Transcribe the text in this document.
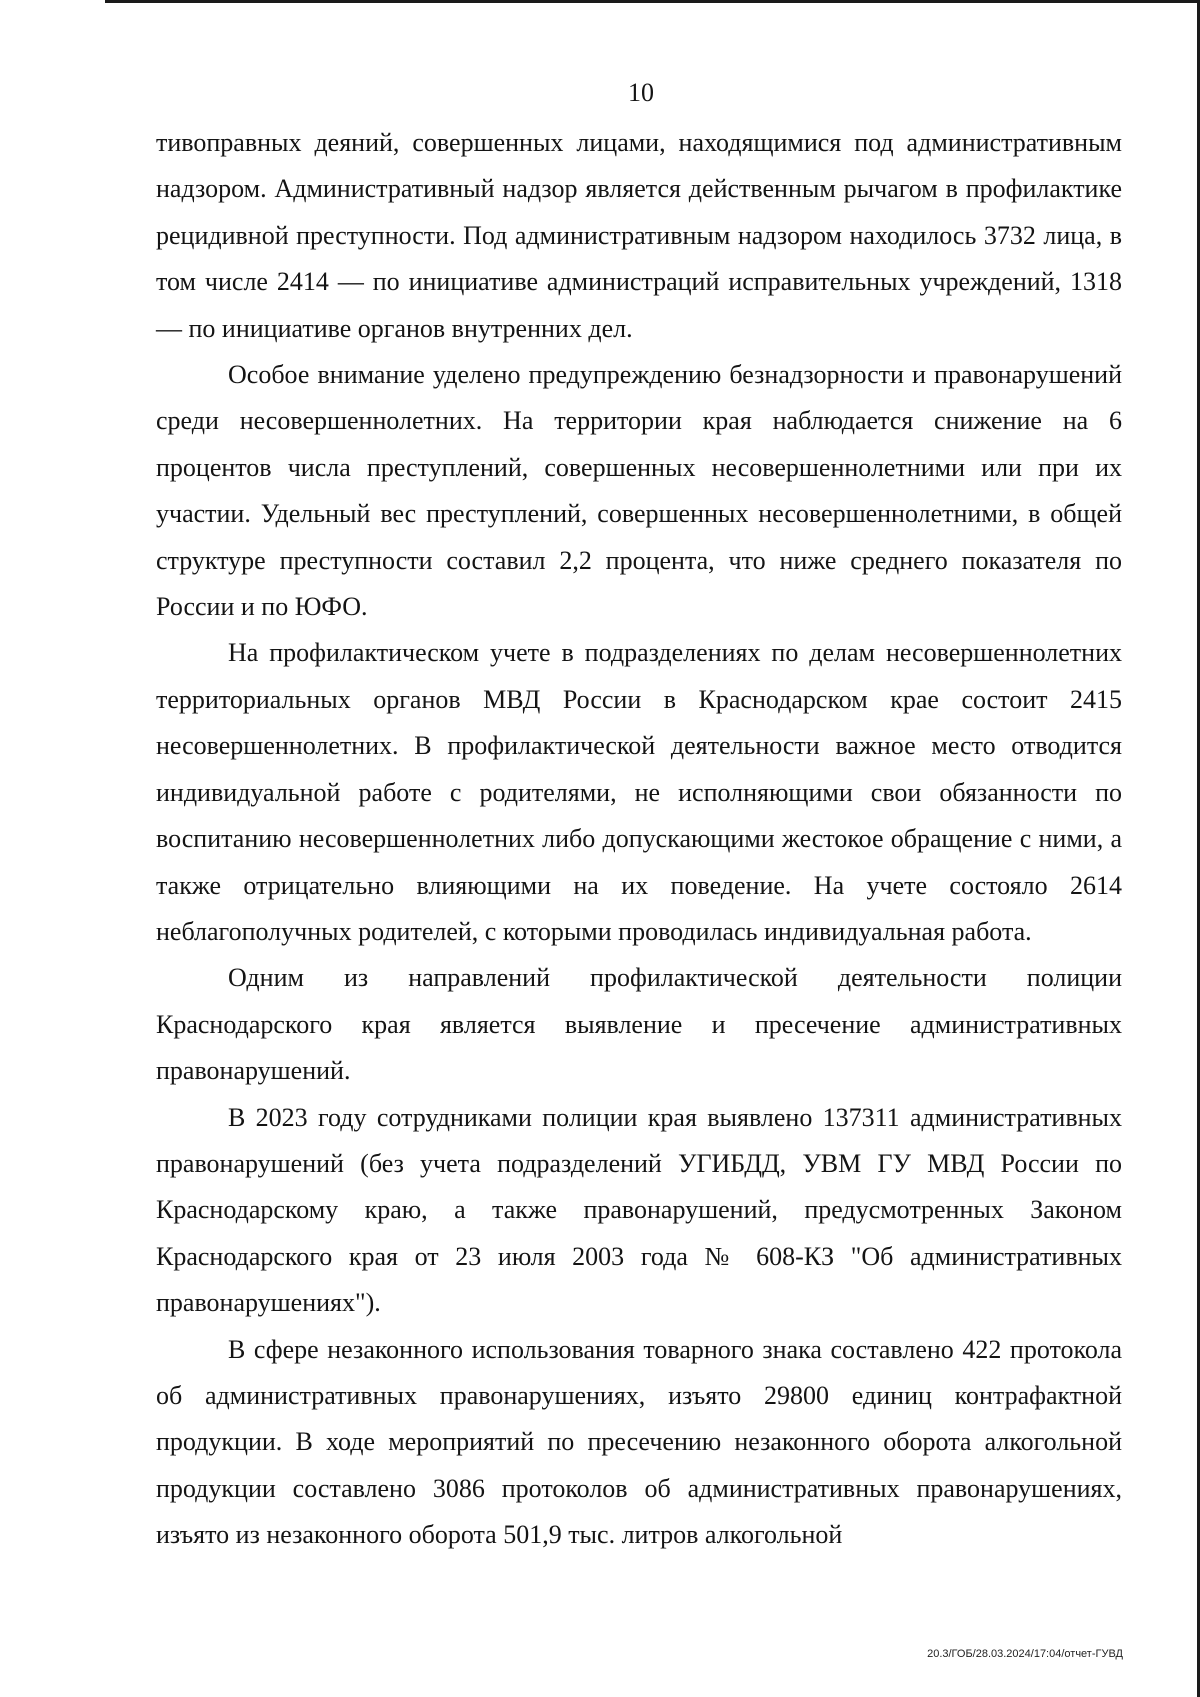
10

тивоправных деяний, совершенных лицами, находящимися под административным надзором. Административный надзор является действенным рычагом в профилактике рецидивной преступности. Под административным надзором находилось 3732 лица, в том числе 2414 — по инициативе администраций исправительных учреждений, 1318 — по инициативе органов внутренних дел.

Особое внимание уделено предупреждению безнадзорности и правонарушений среди несовершеннолетних. На территории края наблюдается снижение на 6 процентов числа преступлений, совершенных несовершеннолетними или при их участии. Удельный вес преступлений, совершенных несовершеннолетними, в общей структуре преступности составил 2,2 процента, что ниже среднего показателя по России и по ЮФО.

На профилактическом учете в подразделениях по делам несовершеннолетних территориальных органов МВД России в Краснодарском крае состоит 2415 несовершеннолетних. В профилактической деятельности важное место отводится индивидуальной работе с родителями, не исполняющими свои обязанности по воспитанию несовершеннолетних либо допускающими жестокое обращение с ними, а также отрицательно влияющими на их поведение. На учете состояло 2614 неблагополучных родителей, с которыми проводилась индивидуальная работа.

Одним из направлений профилактической деятельности полиции Краснодарского края является выявление и пресечение административных правонарушений.

В 2023 году сотрудниками полиции края выявлено 137311 административных правонарушений (без учета подразделений УГИБДД, УВМ ГУ МВД России по Краснодарскому краю, а также правонарушений, предусмотренных Законом Краснодарского края от 23 июля 2003 года № 608-КЗ "Об административных правонарушениях").

В сфере незаконного использования товарного знака составлено 422 протокола об административных правонарушениях, изъято 29800 единиц контрафактной продукции. В ходе мероприятий по пресечению незаконного оборота алкогольной продукции составлено 3086 протоколов об административных правонарушениях, изъято из незаконного оборота 501,9 тыс. литров алкогольной

20.3/ГОБ/28.03.2024/17:04/отчет-ГУВД
